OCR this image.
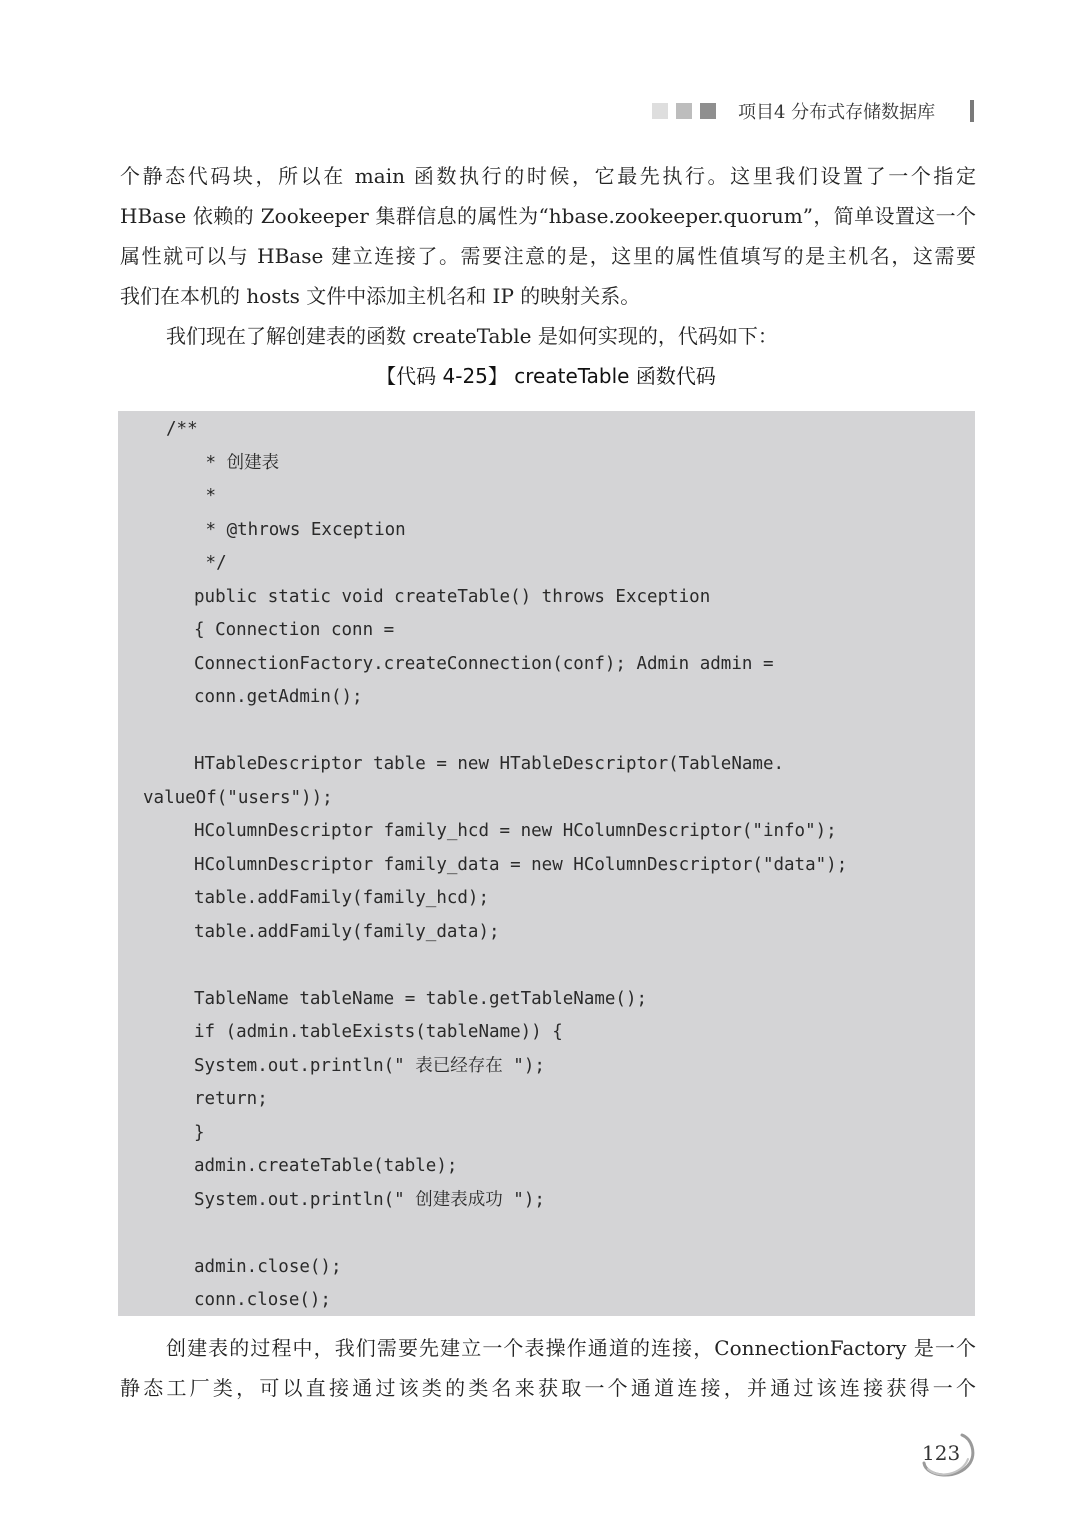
项目4 分布式存储数据库
个静态代码块，所以在 main 函数执行的时候，它最先执行。这里我们设置了一个指定
HBase 依赖的 Zookeeper 集群信息的属性为“hbase.zookeeper.quorum”，简单设置这一个
属性就可以与 HBase 建立连接了。需要注意的是，这里的属性值填写的是主机名，这需要
我们在本机的 hosts 文件中添加主机名和 IP 的映射关系。
我们现在了解创建表的函数 createTable 是如何实现的，代码如下：
【代码 4-25】 createTable 函数代码
/**
* 创建表
*
* @throws Exception
*/
public static void createTable() throws Exception
{ Connection conn =
ConnectionFactory.createConnection(conf); Admin admin =
conn.getAdmin();
HTableDescriptor table = new HTableDescriptor(TableName.
valueOf("users"));
HColumnDescriptor family_hcd = new HColumnDescriptor("info");
HColumnDescriptor family_data = new HColumnDescriptor("data");
table.addFamily(family_hcd);
table.addFamily(family_data);
TableName tableName = table.getTableName();
if (admin.tableExists(tableName)) {
System.out.println(" 表已经存在 ");
return;
}
admin.createTable(table);
System.out.println(" 创建表成功 ");
admin.close();
conn.close();
创建表的过程中，我们需要先建立一个表操作通道的连接，ConnectionFactory 是一个
静态工厂类，可以直接通过该类的类名来获取一个通道连接，并通过该连接获得一个
123
